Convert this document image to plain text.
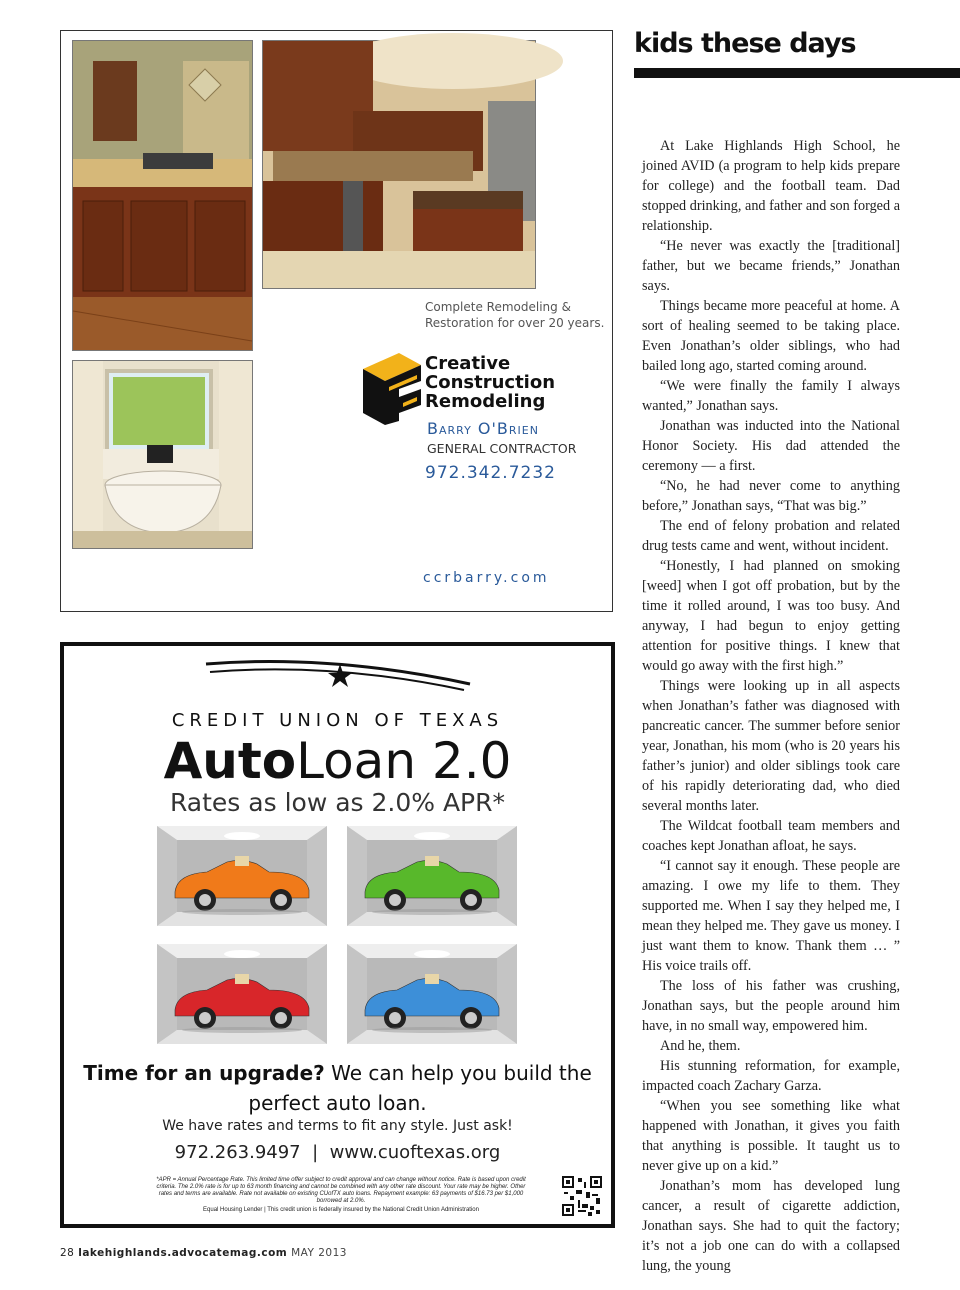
Complete Remodeling & Restoration for over 20 years.
Creative
Construction
Remodeling
Barry O'Brien
GENERAL CONTRACTOR
972.342.7232
ccrbarry.com
CREDIT UNION OF TEXAS
AutoLoan 2.0
Rates as low as 2.0% APR*
Time for an upgrade? We can help you build the perfect auto loan.
We have rates and terms to fit any style. Just ask!
972.263.9497  |  www.cuoftexas.org
*APR = Annual Percentage Rate. This limited time offer subject to credit approval and can change without notice. Rate is based upon credit criteria. The 2.0% rate is for up to 63 month financing and cannot be combined with any other rate discount. Your rate may be higher. Other rates and terms are available. Rate not available on existing CUofTX auto loans. Repayment example: 63 payments of $16.73 per $1,000 borrowed at 2.0%.
Equal Housing Lender | This credit union is federally insured by the National Credit Union Administration
kids these days

At Lake Highlands High School, he joined AVID (a program to help kids prepare for college) and the football team. Dad stopped drinking, and father and son forged a relationship.

“He never was exactly the [traditional] father, but we became friends,” Jonathan says.

Things became more peaceful at home. A sort of healing seemed to be taking place. Even Jonathan’s older siblings, who had bailed long ago, started coming around.

“We were finally the family I always wanted,” Jonathan says.

Jonathan was inducted into the National Honor Society. His dad attended the ceremony — a first.

“No, he had never come to anything before,” Jonathan says, “That was big.”

The end of felony probation and related drug tests came and went, without incident.

“Honestly, I had planned on smoking [weed] when I got off probation, but by the time it rolled around, I was too busy. And anyway, I had begun to enjoy getting attention for positive things. I knew that would go away with the first high.”

Things were looking up in all aspects when Jonathan’s father was diagnosed with pancreatic cancer. The summer before senior year, Jonathan, his mom (who is 20 years his father’s junior) and older siblings took care of his rapidly deteriorating dad, who died several months later.

The Wildcat football team members and coaches kept Jonathan afloat, he says.

“I cannot say it enough. These people are amazing. I owe my life to them. They supported me. When I say they helped me, I mean they helped me. They gave us money. I just want them to know. Thank them … ” His voice trails off.

The loss of his father was crushing, Jonathan says, but the people around him have, in no small way, empowered him.

And he, them.

His stunning reformation, for example, impacted coach Zachary Garza.

“When you see something like what happened with Jonathan, it gives you faith that anything is possible. It taught us to never give up on a kid.”

Jonathan’s mom has developed lung cancer, a result of cigarette addiction, Jonathan says. She had to quit the factory; it’s not a job one can do with a collapsed lung, the young

28 lakehighlands.advocatemag.com MAY 2013
